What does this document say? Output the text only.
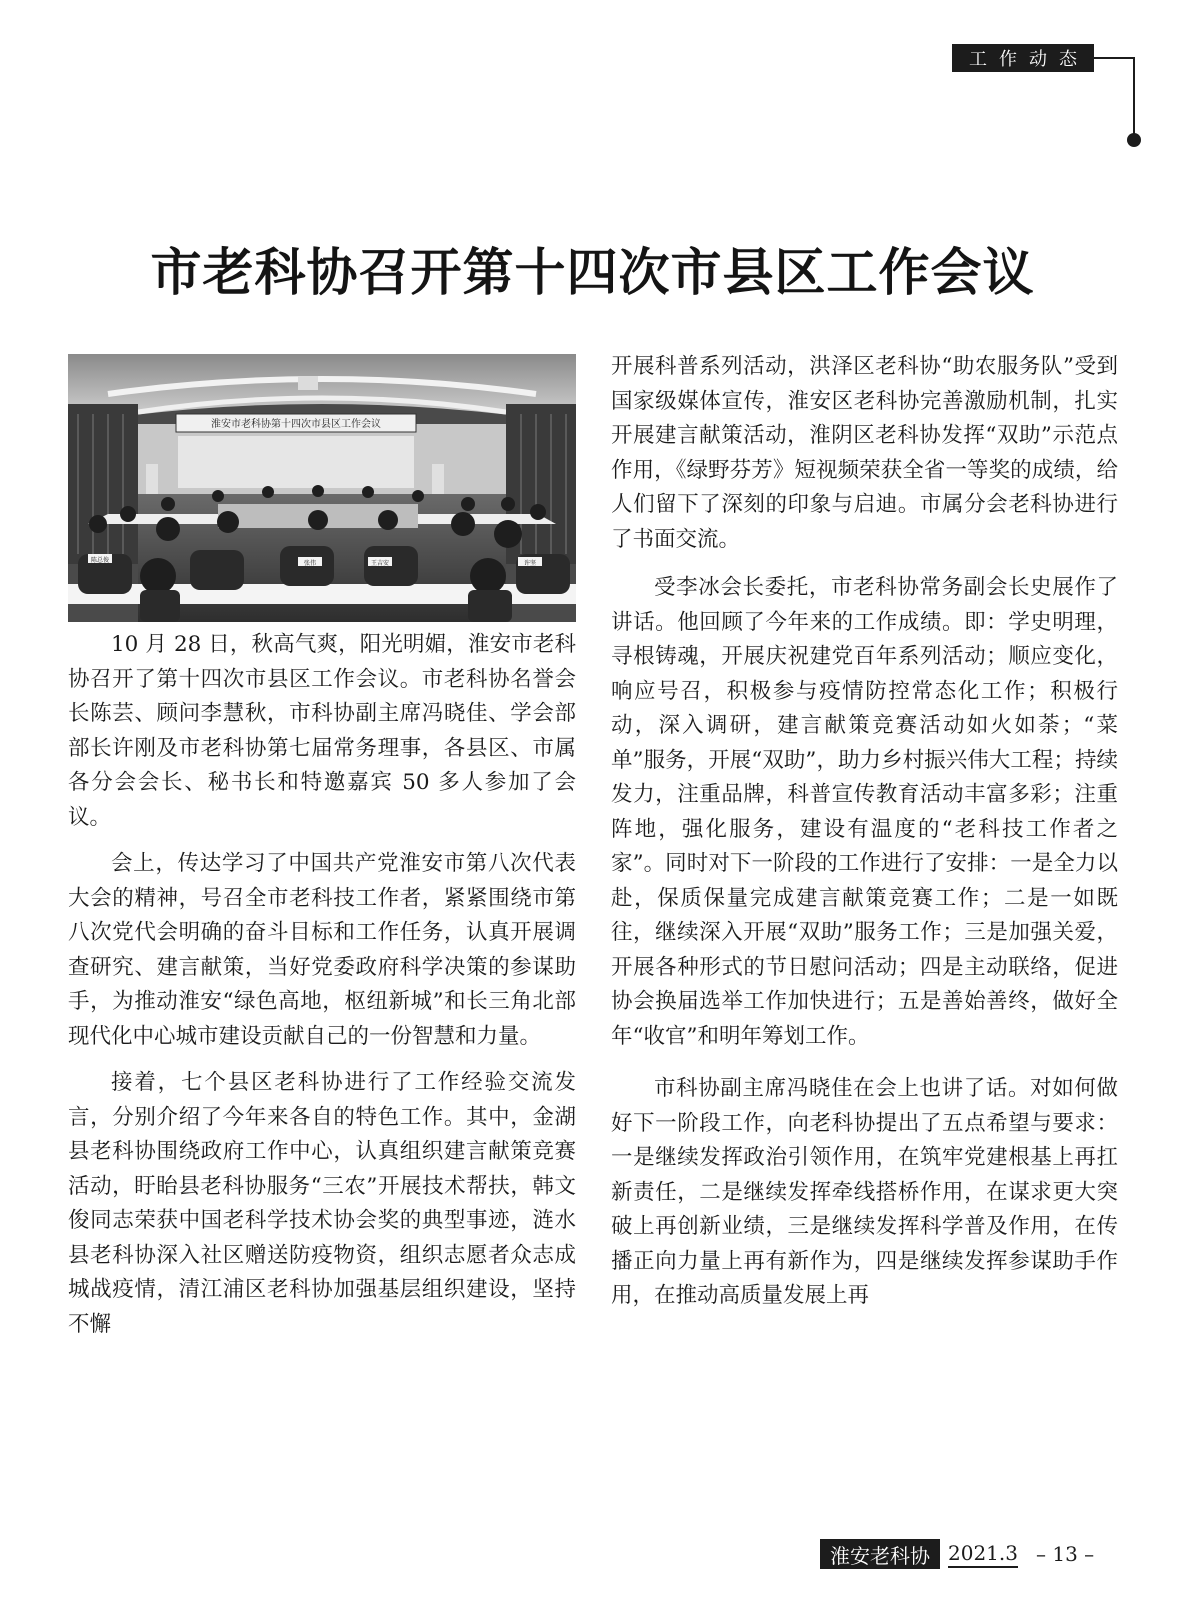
工作动态
市老科协召开第十四次市县区工作会议
淮安市老科协第十四次市县区工作会议
陈总俊	张伟	王吉安	许坚

10 月 28 日，秋高气爽，阳光明媚，淮安市老科协召开了第十四次市县区工作会议。市老科协名誉会长陈芸、顾问李慧秋，市科协副主席冯晓佳、学会部部长许刚及市老科协第七届常务理事，各县区、市属各分会会长、秘书长和特邀嘉宾 50 多人参加了会议。

会上，传达学习了中国共产党淮安市第八次代表大会的精神，号召全市老科技工作者，紧紧围绕市第八次党代会明确的奋斗目标和工作任务，认真开展调查研究、建言献策，当好党委政府科学决策的参谋助手，为推动淮安“绿色高地，枢纽新城”和长三角北部现代化中心城市建设贡献自己的一份智慧和力量。

接着，七个县区老科协进行了工作经验交流发言，分别介绍了今年来各自的特色工作。其中，金湖县老科协围绕政府工作中心，认真组织建言献策竞赛活动，盱眙县老科协服务“三农”开展技术帮扶，韩文俊同志荣获中国老科学技术协会奖的典型事迹，涟水县老科协深入社区赠送防疫物资，组织志愿者众志成城战疫情，清江浦区老科协加强基层组织建设，坚持不懈

开展科普系列活动，洪泽区老科协“助农服务队”受到国家级媒体宣传，淮安区老科协完善激励机制，扎实开展建言献策活动，淮阴区老科协发挥“双助”示范点作用，《绿野芬芳》短视频荣获全省一等奖的成绩，给人们留下了深刻的印象与启迪。市属分会老科协进行了书面交流。

受李冰会长委托，市老科协常务副会长史展作了讲话。他回顾了今年来的工作成绩。即：学史明理，寻根铸魂，开展庆祝建党百年系列活动；顺应变化，响应号召，积极参与疫情防控常态化工作；积极行动，深入调研，建言献策竞赛活动如火如荼；“菜单”服务，开展“双助”，助力乡村振兴伟大工程；持续发力，注重品牌，科普宣传教育活动丰富多彩；注重阵地，强化服务，建设有温度的“老科技工作者之家”。同时对下一阶段的工作进行了安排：一是全力以赴，保质保量完成建言献策竞赛工作；二是一如既往，继续深入开展“双助”服务工作；三是加强关爱，开展各种形式的节日慰问活动；四是主动联络，促进协会换届选举工作加快进行；五是善始善终，做好全年“收官”和明年筹划工作。

市科协副主席冯晓佳在会上也讲了话。对如何做好下一阶段工作，向老科协提出了五点希望与要求：一是继续发挥政治引领作用，在筑牢党建根基上再扛新责任，二是继续发挥牵线搭桥作用，在谋求更大突破上再创新业绩，三是继续发挥科学普及作用，在传播正向力量上再有新作为，四是继续发挥参谋助手作用，在推动高质量发展上再

淮安老科协 2021.3 – 13 –
